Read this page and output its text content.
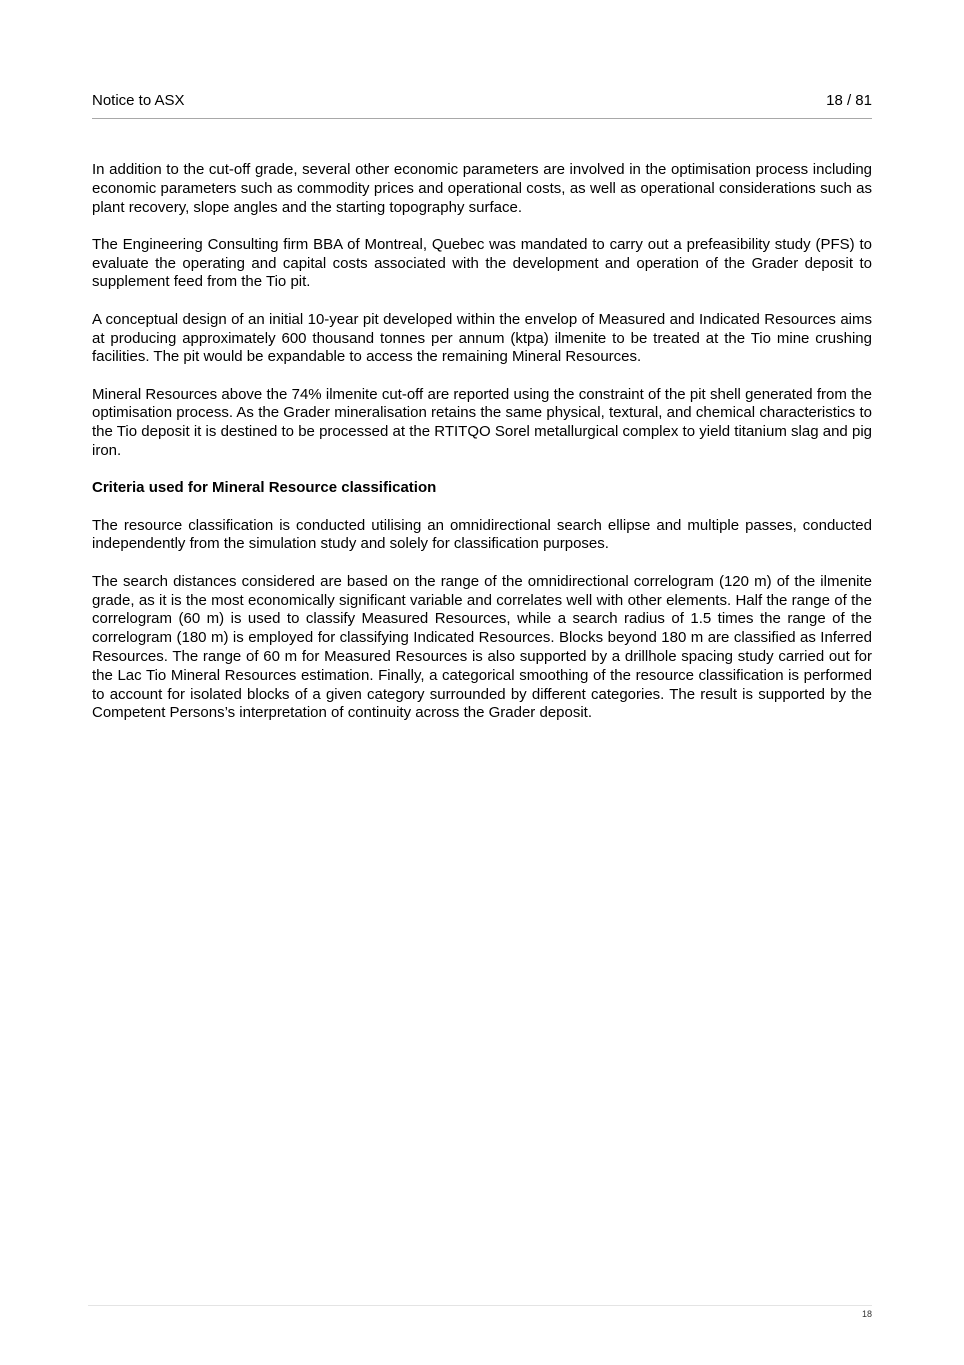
Notice to ASX	18 / 81

In addition to the cut-off grade, several other economic parameters are involved in the optimisation process including economic parameters such as commodity prices and operational costs, as well as operational considerations such as plant recovery, slope angles and the starting topography surface.

The Engineering Consulting firm BBA of Montreal, Quebec was mandated to carry out a prefeasibility study (PFS) to evaluate the operating and capital costs associated with the development and operation of the Grader deposit to supplement feed from the Tio pit.

A conceptual design of an initial 10-year pit developed within the envelop of Measured and Indicated Resources aims at producing approximately 600 thousand tonnes per annum (ktpa) ilmenite to be treated at the Tio mine crushing facilities. The pit would be expandable to access the remaining Mineral Resources.

Mineral Resources above the 74% ilmenite cut-off are reported using the constraint of the pit shell generated from the optimisation process. As the Grader mineralisation retains the same physical, textural, and chemical characteristics to the Tio deposit it is destined to be processed at the RTITQO Sorel metallurgical complex to yield titanium slag and pig iron.

Criteria used for Mineral Resource classification

The resource classification is conducted utilising an omnidirectional search ellipse and multiple passes, conducted independently from the simulation study and solely for classification purposes.

The search distances considered are based on the range of the omnidirectional correlogram (120 m) of the ilmenite grade, as it is the most economically significant variable and correlates well with other elements. Half the range of the correlogram (60 m) is used to classify Measured Resources, while a search radius of 1.5 times the range of the correlogram (180 m) is employed for classifying Indicated Resources. Blocks beyond 180 m are classified as Inferred Resources. The range of 60 m for Measured Resources is also supported by a drillhole spacing study carried out for the Lac Tio Mineral Resources estimation. Finally, a categorical smoothing of the resource classification is performed to account for isolated blocks of a given category surrounded by different categories. The result is supported by the Competent Persons’s interpretation of continuity across the Grader deposit.

18
